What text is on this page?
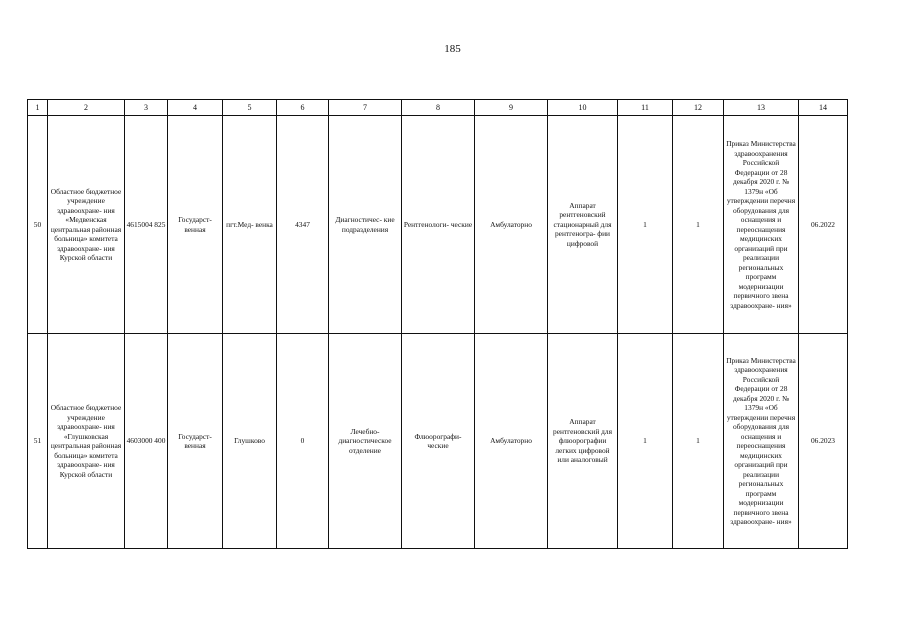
185
1	2	3	4	5	6	7	8	9	10	11	12	13	14
50	Областное бюджетное учреждение здравоохране- ния «Медвенская центральная районная больница» комитета здравоохране- ния Курской области	4615004 825	Государст- венная	пгт.Мед- венка	4347	Диагностичес- кие подразделения	Рентгенологи- ческие	Амбулаторно	Аппарат рентгеновский стационарный для рентгеногра- фии цифровой	1	1	Приказ Министерства здравоохранения Российской Федерации от 28 декабря 2020 г. № 1379н «Об утверждении перечня оборудования для оснащения и переоснащения медицинских организаций при реализации региональных программ модернизации первичного звена здравоохране- ния»	06.2022
51	Областное бюджетное учреждение здравоохране- ния «Глушковская центральная районная больница» комитета здравоохране- ния Курской области	4603000 400	Государст- венная	Глушково	0	Лечебно- диагностическое отделение	Флюорографи- ческие	Амбулаторно	Аппарат рентгеновский для флюорографии легких цифровой или аналоговый	1	1	Приказ Министерства здравоохранения Российской Федерации от 28 декабря 2020 г. № 1379н «Об утверждении перечня оборудования для оснащения и переоснащения медицинских организаций при реализации региональных программ модернизации первичного звена здравоохране- ния»	06.2023
